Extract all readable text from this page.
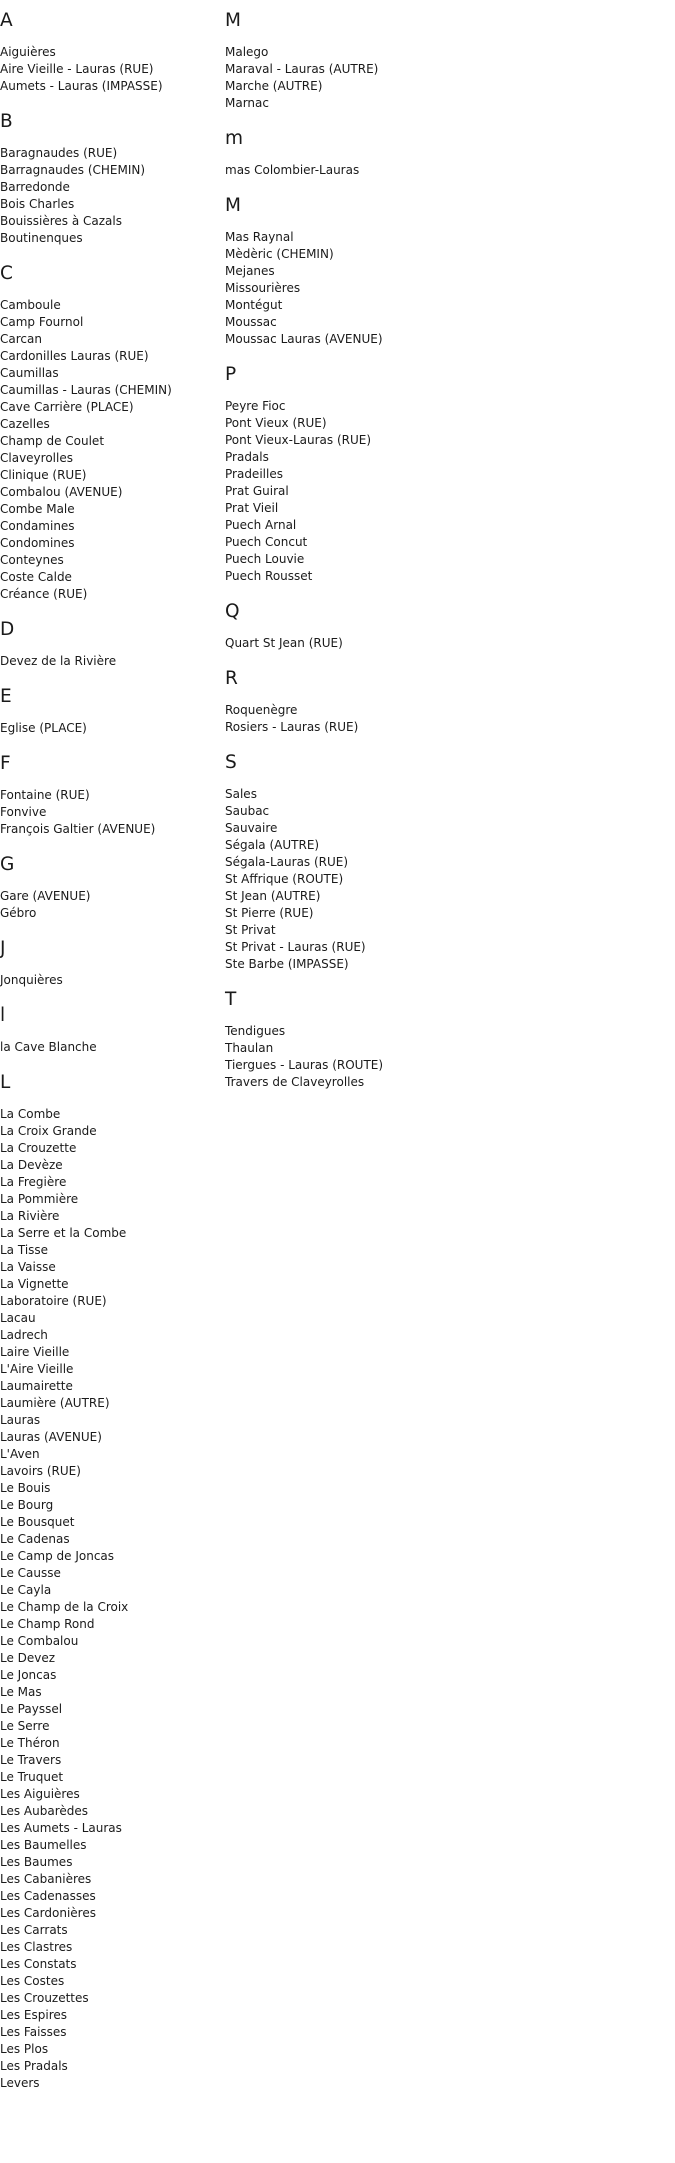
A
Aiguières
Aire Vieille - Lauras (RUE)
Aumets - Lauras (IMPASSE)
B
Baragnaudes (RUE)
Barragnaudes (CHEMIN)
Barredonde
Bois Charles
Bouissières à Cazals
Boutinenques
C
Camboule
Camp Fournol
Carcan
Cardonilles Lauras (RUE)
Caumillas
Caumillas - Lauras (CHEMIN)
Cave Carrière (PLACE)
Cazelles
Champ de Coulet
Claveyrolles
Clinique (RUE)
Combalou (AVENUE)
Combe Male
Condamines
Condomines
Conteynes
Coste Calde
Créance (RUE)
D
Devez de la Rivière
E
Eglise (PLACE)
F
Fontaine (RUE)
Fonvive
François Galtier (AVENUE)
G
Gare (AVENUE)
Gébro
J
Jonquières
l
la Cave Blanche
L
La Combe
La Croix Grande
La Crouzette
La Devèze
La Fregière
La Pommière
La Rivière
La Serre et la Combe
La Tisse
La Vaisse
La Vignette
Laboratoire (RUE)
Lacau
Ladrech
Laire Vieille
L'Aire Vieille
Laumairette
Laumière (AUTRE)
Lauras
Lauras (AVENUE)
L'Aven
Lavoirs (RUE)
Le Bouis
Le Bourg
Le Bousquet
Le Cadenas
Le Camp de Joncas
Le Causse
Le Cayla
Le Champ de la Croix
Le Champ Rond
Le Combalou
Le Devez
Le Joncas
Le Mas
Le Payssel
Le Serre
Le Théron
Le Travers
Le Truquet
Les Aiguières
Les Aubarèdes
Les Aumets - Lauras
Les Baumelles
Les Baumes
Les Cabanières
Les Cadenasses
Les Cardonières
Les Carrats
Les Clastres
Les Constats
Les Costes
Les Crouzettes
Les Espires
Les Faisses
Les Plos
Les Pradals
Levers
M
Malego
Maraval - Lauras (AUTRE)
Marche (AUTRE)
Marnac
m
mas Colombier-Lauras
M
Mas Raynal
Mèdèric (CHEMIN)
Mejanes
Missourières
Montégut
Moussac
Moussac Lauras (AVENUE)
P
Peyre Fioc
Pont Vieux (RUE)
Pont Vieux-Lauras (RUE)
Pradals
Pradeilles
Prat Guiral
Prat Vieil
Puech Arnal
Puech Concut
Puech Louvie
Puech Rousset
Q
Quart St Jean (RUE)
R
Roquenègre
Rosiers - Lauras (RUE)
S
Sales
Saubac
Sauvaire
Ségala (AUTRE)
Ségala-Lauras (RUE)
St Affrique (ROUTE)
St Jean (AUTRE)
St Pierre (RUE)
St Privat
St Privat - Lauras (RUE)
Ste Barbe (IMPASSE)
T
Tendigues
Thaulan
Tiergues - Lauras (ROUTE)
Travers de Claveyrolles
